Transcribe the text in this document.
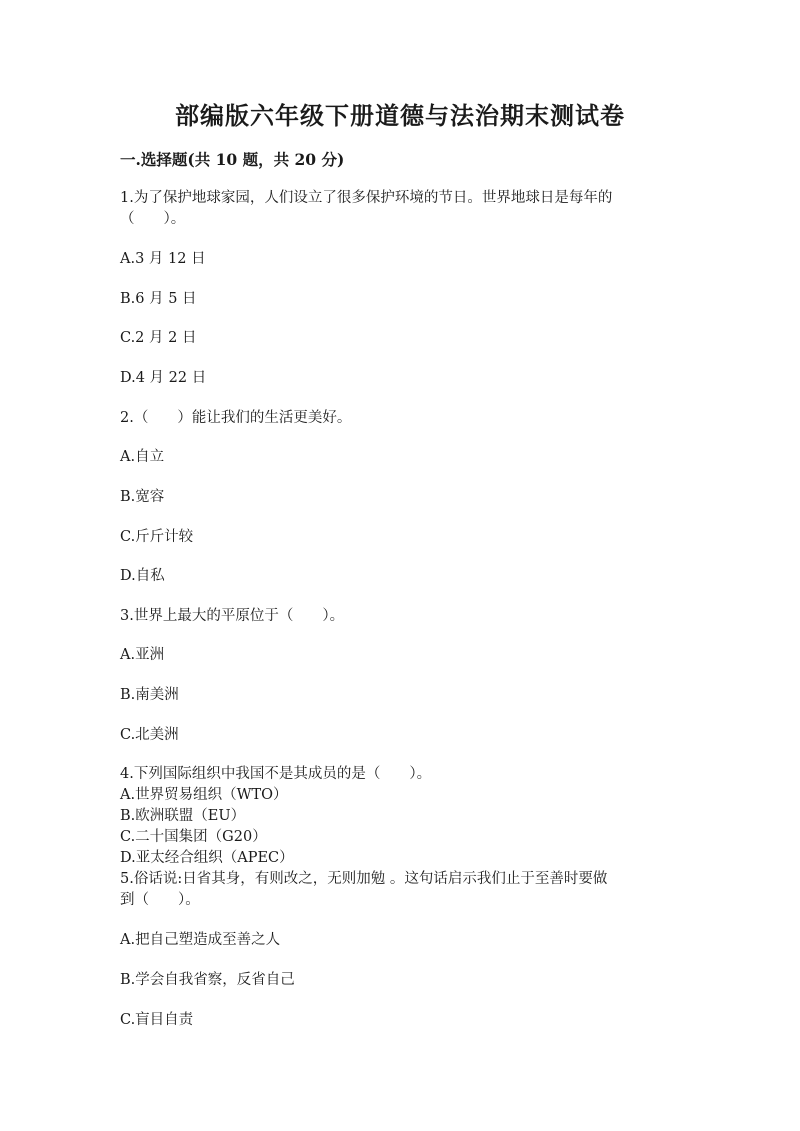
部编版六年级下册道德与法治期末测试卷
一.选择题(共 10 题，共 20 分)
1.为了保护地球家园，人们设立了很多保护环境的节日。世界地球日是每年的
（　　）。
A.3 月 12 日
B.6 月 5 日
C.2 月 2 日
D.4 月 22 日
2.（　　）能让我们的生活更美好。
A.自立
B.宽容
C.斤斤计较
D.自私
3.世界上最大的平原位于（　　）。
A.亚洲
B.南美洲
C.北美洲
4.下列国际组织中我国不是其成员的是（　　）。
A.世界贸易组织（WTO）
B.欧洲联盟（EU）
C.二十国集团（G20）
D.亚太经合组织（APEC）
5.俗话说:日省其身，有则改之，无则加勉 。这句话启示我们止于至善时要做
到（　　）。
A.把自己塑造成至善之人
B.学会自我省察，反省自己
C.盲目自责
